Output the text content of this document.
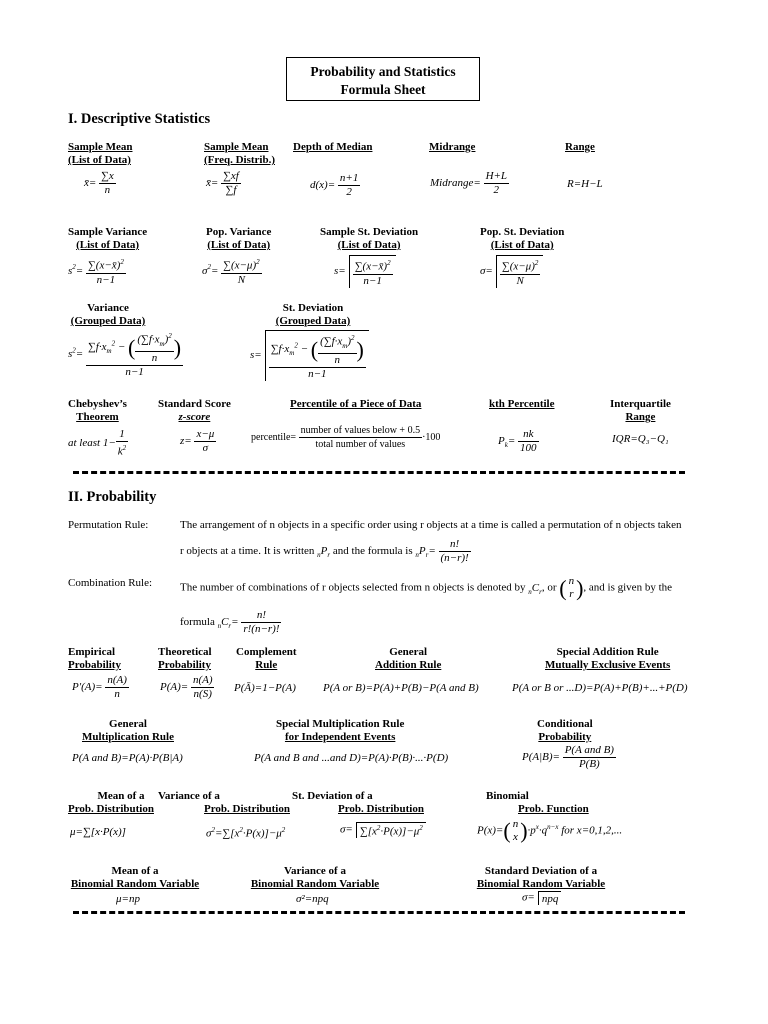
Probability and Statistics
Formula Sheet
I. Descriptive Statistics
Sample Mean
(List of Data)
x̄= $\frac{\sum x}{n}$
Sample Mean
(Freq. Distrib.)
x̄= $\frac{\sum xf}{\sum f}$
Depth of Median
$d(x)= \frac{n+1}{2}$
Midrange
Midrange= $\frac{H+L}{2}$
Range
R=H−L
Sample Variance
(List of Data)
$s^2= \frac{\sum(x-x̄)^2}{n-1}$
Pop. Variance
(List of Data)
$\sigma^2= \frac{\sum(x-\mu)^2}{N}$
Sample St. Deviation
(List of Data)
$s= \frac{\sum(x-x̄)^2}{n-1}$
Pop. St. Deviation
(List of Data)
$\sigma= \frac{\sum(x-\mu)^2}{N}$
Variance
(Grouped Data)
$s^2= \frac{\sum f\cdot x_m^2 - ( \frac{(\sum f\cdot x_m)^2}{n} )}{n-1}$
St. Deviation
(Grouped Data)
$s= \frac{\sum f\cdot x_m^2 - ( \frac{(\sum f\cdot x_m)^2}{n} )}{n-1}$
Chebyshev’s
Theorem
at least $1- \frac{1}{k^2}$
Standard Score
z-score
$z= \frac{x-\mu}{\sigma}$
Percentile of a Piece of Data
percentile= $\frac{\text{number of values below + 0.5}}{\text{total number of values}} \cdot 100$
kth Percentile
$P_k= \frac{nk}{100}$
Interquartile
Range
IQR=Q₃−Q₁
II. Probability
Permutation Rule:	The arrangement of n objects in a specific order using r objects at a time is called a permutation of n objects taken
r objects at a time. It is written $_nP_r$ and the formula is $_nP_r= \frac{n!}{(n-r)!}$
Combination Rule:	The number of combinations of r objects selected from n objects is denoted by $_nC_r$, or ( n
r ), and is given by the
formula $_nC_r= \frac{n!}{r!(n-r)!}$
Empirical
Probability
$P'(A)= \frac{n(A)}{n}$
Theoretical
Probability
$P(A)= \frac{n(A)}{n(S)}$
Complement
Rule
P(Ā)=1−P(A)
General
Addition Rule
P(A or B)=P(A)+P(B)−P(A and B)
Special Addition Rule
Mutually Exclusive Events
P(A or B or ...D)=P(A)+P(B)+...+P(D)
General
Multiplication Rule
P(A and B)=P(A)·P(B|A)
Special Multiplication Rule
for Independent Events
P(A and B and ...and D)=P(A)·P(B)·...·P(D)
Conditional
Probability
$P(A|B)= \frac{\text{P(A and B)}}{P(B)}$
Mean of a
Prob. Distribution
μ=∑[x·P(x)]
Variance of a
Prob. Distribution
$\sigma^2=\sum[x^2\cdot P(x)]-\mu^2$
St. Deviation of a
Prob. Distribution
$\sigma= \sum[x^2\cdot P(x)]-\mu^2$
Binomial
Prob. Function
P(x)=( n
x )$\cdot p^x\cdot q^{n-x}$ for x=0,1,2,...
Mean of a
Binomial Random Variable
μ=np
Variance of a
Binomial Random Variable
σ²=npq
Standard Deviation of a
Binomial Random Variable
σ= npq
